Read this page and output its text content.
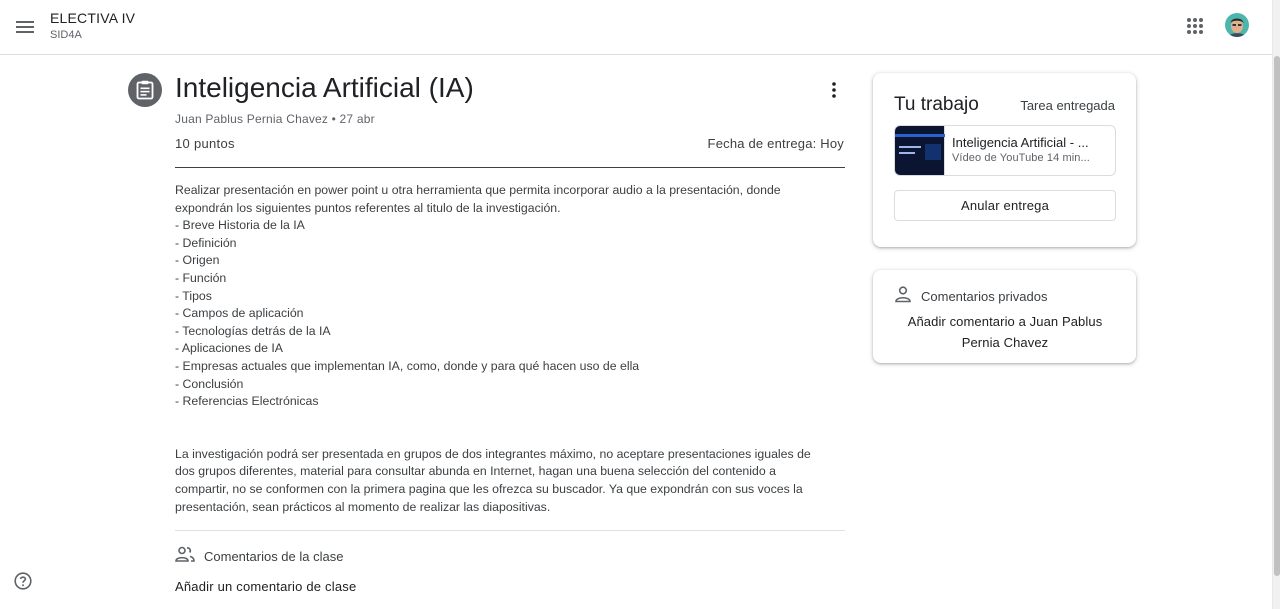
ELECTIVA IV
SID4A
Inteligencia Artificial (IA)
Juan Pablus Pernia Chavez • 27 abr
10 puntos	Fecha de entrega: Hoy

Realizar presentación en power point u otra herramienta que permita incorporar audio a la presentación, donde

expondrán los siguientes puntos referentes al titulo de la investigación.

- Breve Historia de la IA

- Definición

- Origen

- Función

- Tipos

- Campos de aplicación

- Tecnologías detrás de la IA

- Aplicaciones de IA

- Empresas actuales que implementan IA, como, donde y para qué hacen uso de ella

- Conclusión

- Referencias Electrónicas

La investigación podrá ser presentada en grupos de dos integrantes máximo, no aceptare presentaciones iguales de

dos grupos diferentes, material para consultar abunda en Internet, hagan una buena selección del contenido a

compartir, no se conformen con la primera pagina que les ofrezca su buscador. Ya que expondrán con sus voces la

presentación, sean prácticos al momento de realizar las diapositivas.

Comentarios de la clase
Añadir un comentario de clase
Tu trabajo	Tarea entregada
Inteligencia Artificial - ...
Vídeo de YouTube 14 min...
Anular entrega
Comentarios privados
Añadir comentario a Juan Pablus Pernia Chavez
